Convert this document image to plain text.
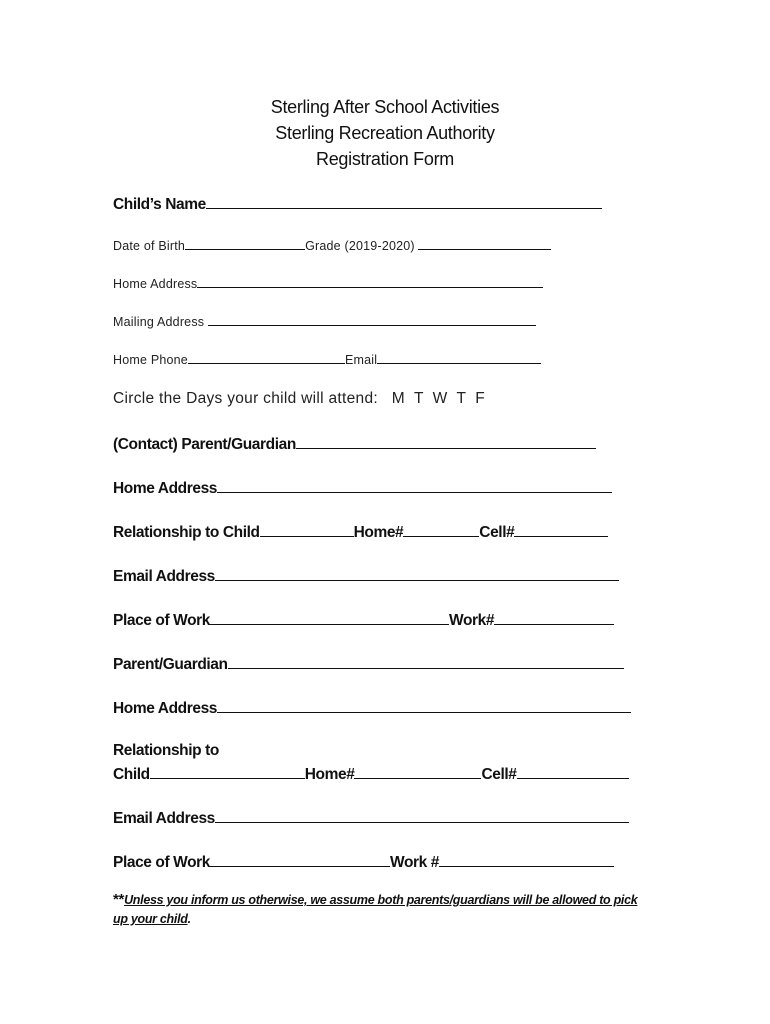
Sterling After School Activities
Sterling Recreation Authority
Registration Form
Child’s Name
Date of Birth	Grade (2019-2020)
Home Address
Mailing Address
Home Phone	Email
Circle the Days your child will attend: M  T  W  T  F
(Contact) Parent/Guardian
Home Address
Relationship to Child	Home#	Cell#
Email Address
Place of Work	Work#
Parent/Guardian
Home Address
Relationship to
Child	Home#	Cell#
Email Address
Place of Work	Work #
**Unless you inform us otherwise, we assume both parents/guardians will be allowed to pick up your child.
